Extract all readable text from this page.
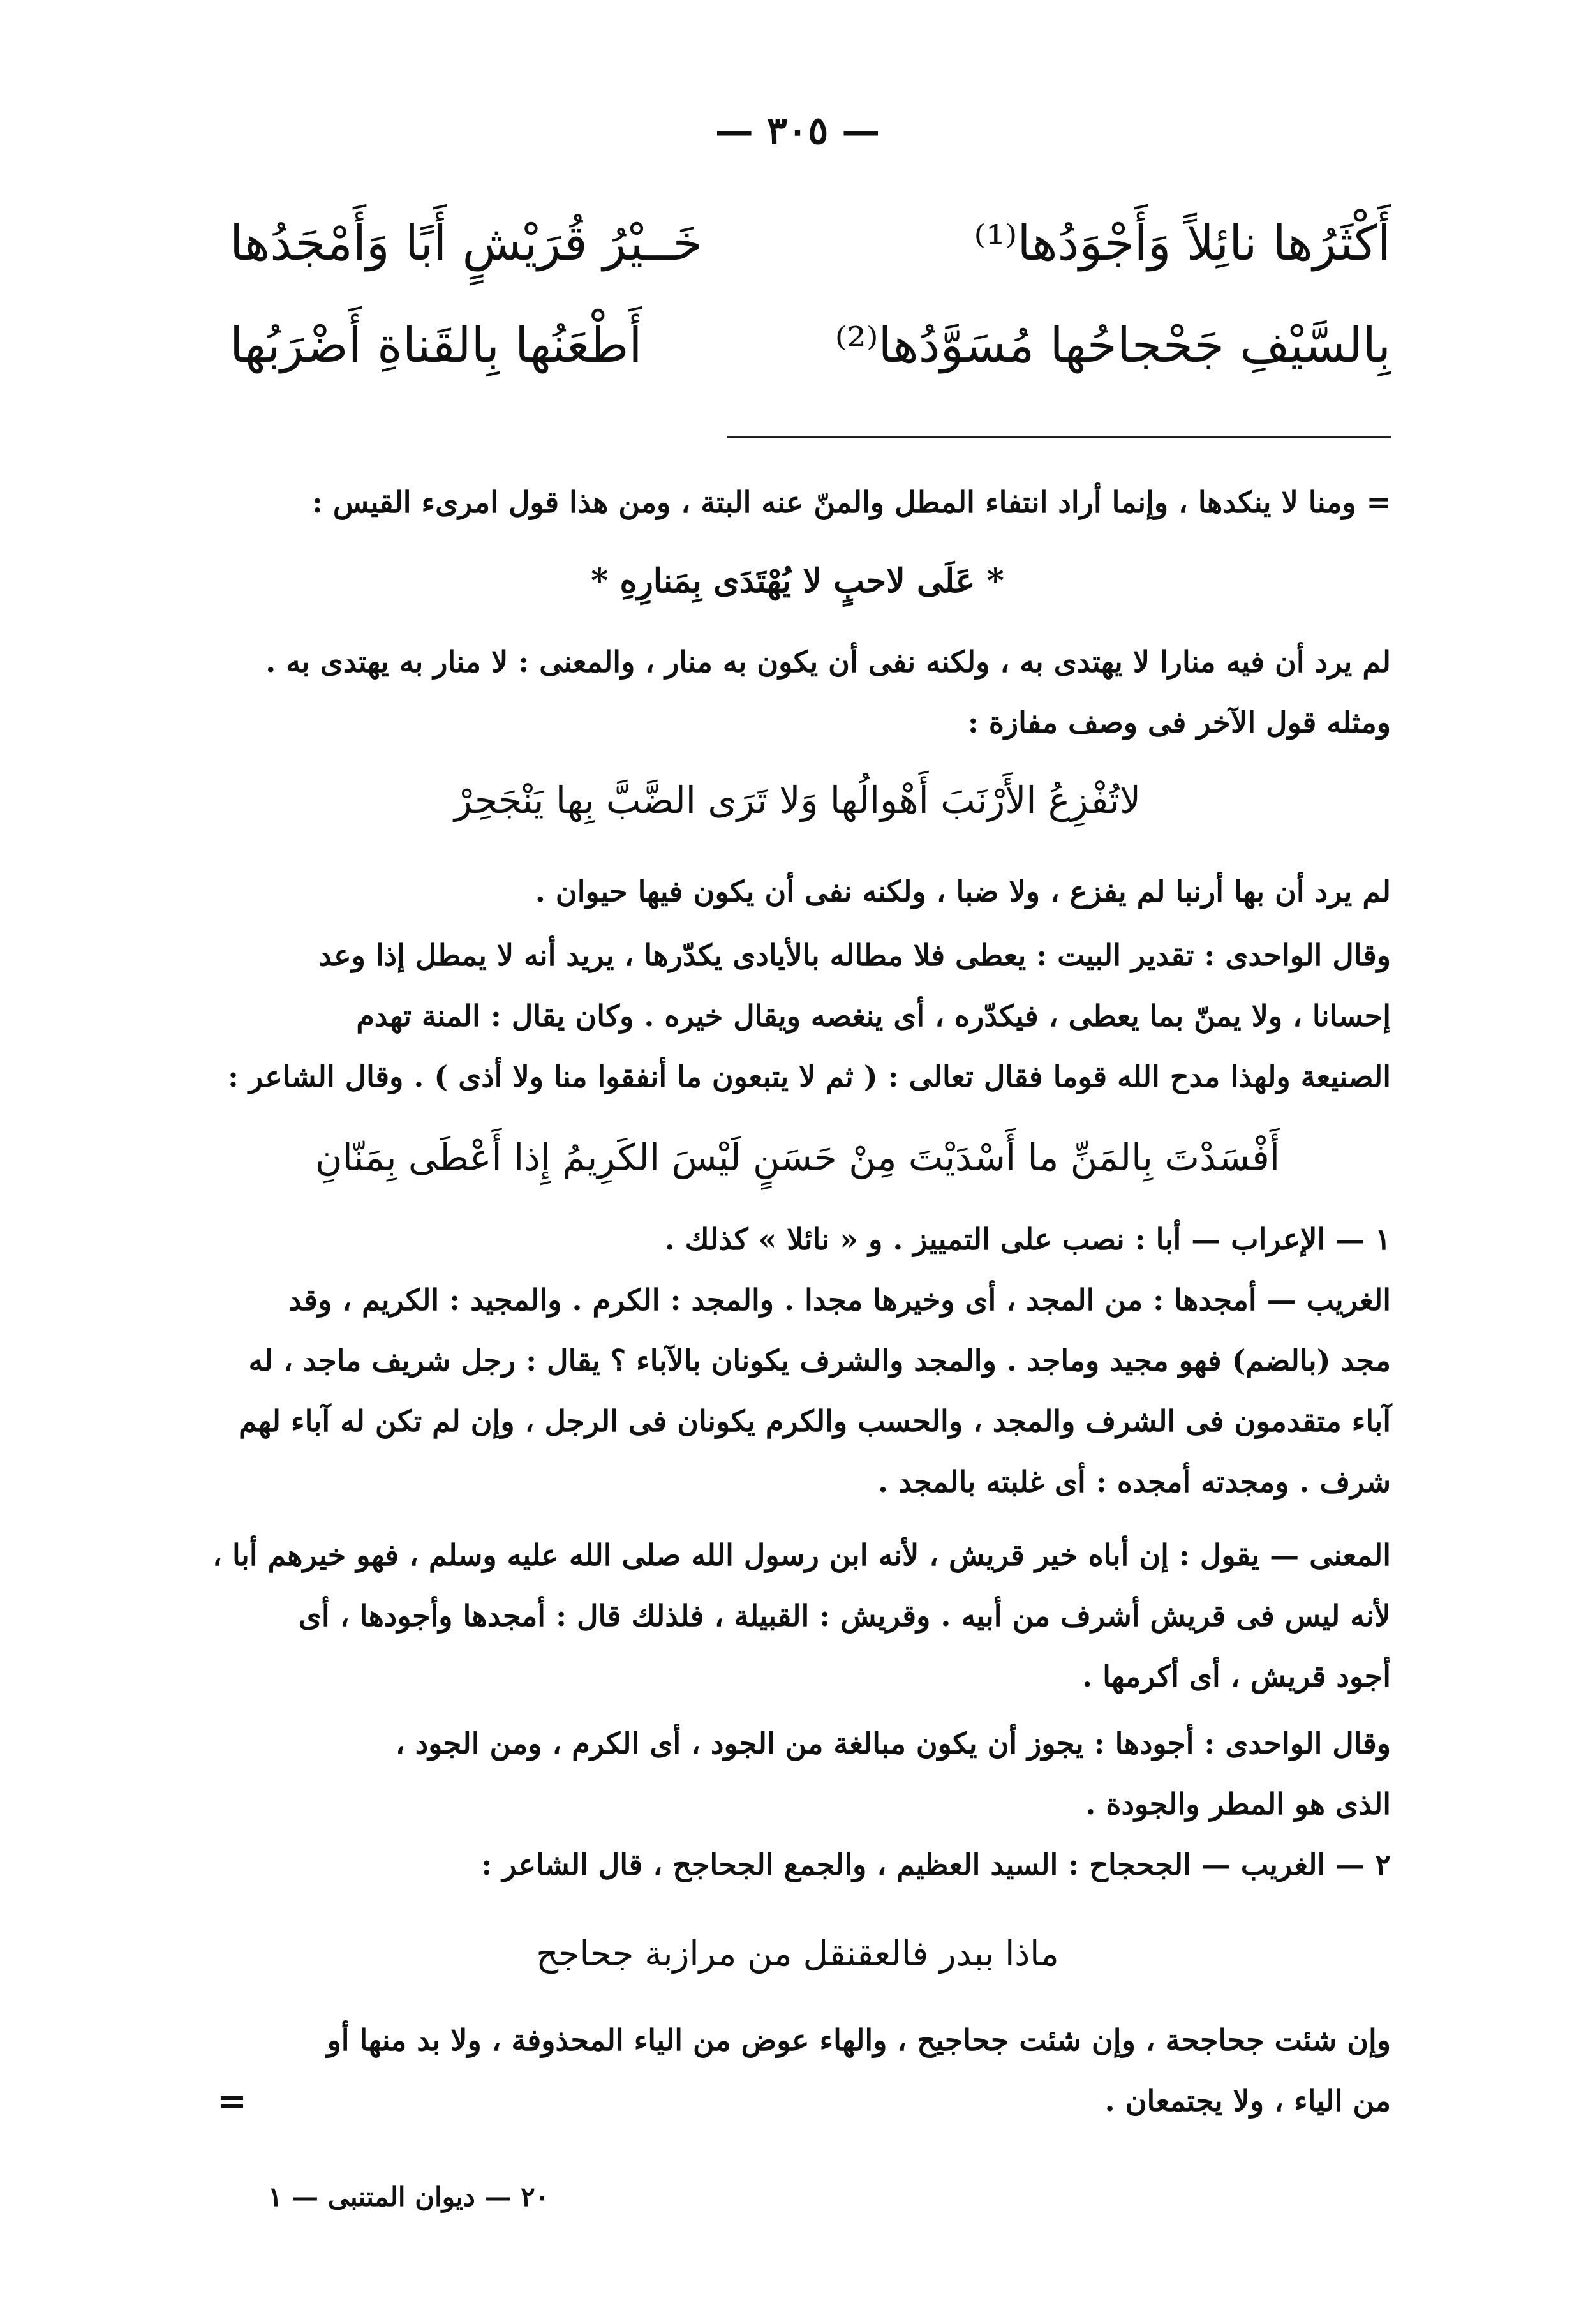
— ٣٠٥ —
خَــيْرُ قُرَيْشٍ أَبًا وَأَمْجَدُها	أَكْثَرُها نائِلاً وَأَجْوَدُها⁽¹⁾
أَطْعَنُها بِالقَناةِ أَضْرَبُها	بِالسَّيْفِ جَحْجاحُها مُسَوَّدُها⁽²⁾
= ومنا لا ينكدها ، وإنما أراد انتفاء المطل والمنّ عنه البتة ، ومن هذا قول امرىء القيس :
* عَلَى لاحبٍ لا يُهْتَدَى بِمَنارِهِ *
لم يرد أن فيه منارا لا يهتدى به ، ولكنه نفى أن يكون به منار ، والمعنى : لا منار به يهتدى به .
ومثله قول الآخر فى وصف مفازة :
لاتُفْزِعُ الأَرْنَبَ أَهْوالُها وَلا تَرَى الضَّبَّ بِها يَنْجَحِرْ
لم يرد أن بها أرنبا لم يفزع ، ولا ضبا ، ولكنه نفى أن يكون فيها حيوان .
وقال الواحدى : تقدير البيت : يعطى فلا مطاله بالأيادى يكدّرها ، يريد أنه لا يمطل إذا وعد
إحسانا ، ولا يمنّ بما يعطى ، فيكدّره ، أى ينغصه ويقال خيره . وكان يقال : المنة تهدم
الصنيعة ولهذا مدح الله قوما فقال تعالى : ( ثم لا يتبعون ما أنفقوا منا ولا أذى ) . وقال الشاعر :
أَفْسَدْتَ بِالمَنِّ ما أَسْدَيْتَ مِنْ حَسَنٍ لَيْسَ الكَرِيمُ إِذا أَعْطَى بِمَنّانِ
١ — الإعراب — أبا : نصب على التمييز . و « نائلا » كذلك .
الغريب — أمجدها : من المجد ، أى وخيرها مجدا . والمجد : الكرم . والمجيد : الكريم ، وقد
مجد (بالضم) فهو مجيد وماجد . والمجد والشرف يكونان بالآباء ؟ يقال : رجل شريف ماجد ، له
آباء متقدمون فى الشرف والمجد ، والحسب والكرم يكونان فى الرجل ، وإن لم تكن له آباء لهم
شرف . ومجدته أمجده : أى غلبته بالمجد .
المعنى — يقول : إن أباه خير قريش ، لأنه ابن رسول الله صلى الله عليه وسلم ، فهو خيرهم أبا ،
لأنه ليس فى قريش أشرف من أبيه . وقريش : القبيلة ، فلذلك قال : أمجدها وأجودها ، أى
أجود قريش ، أى أكرمها .
وقال الواحدى : أجودها : يجوز أن يكون مبالغة من الجود ، أى الكرم ، ومن الجود ،
الذى هو المطر والجودة .
٢ — الغريب — الجحجاح : السيد العظيم ، والجمع الجحاجح ، قال الشاعر :
ماذا ببدر فالعقنقل من مرازبة جحاجح
وإن شئت جحاجحة ، وإن شئت جحاجيح ، والهاء عوض من الياء المحذوفة ، ولا بد منها أو
من الياء ، ولا يجتمعان .
=
٢٠ — ديوان المتنبى — ١
